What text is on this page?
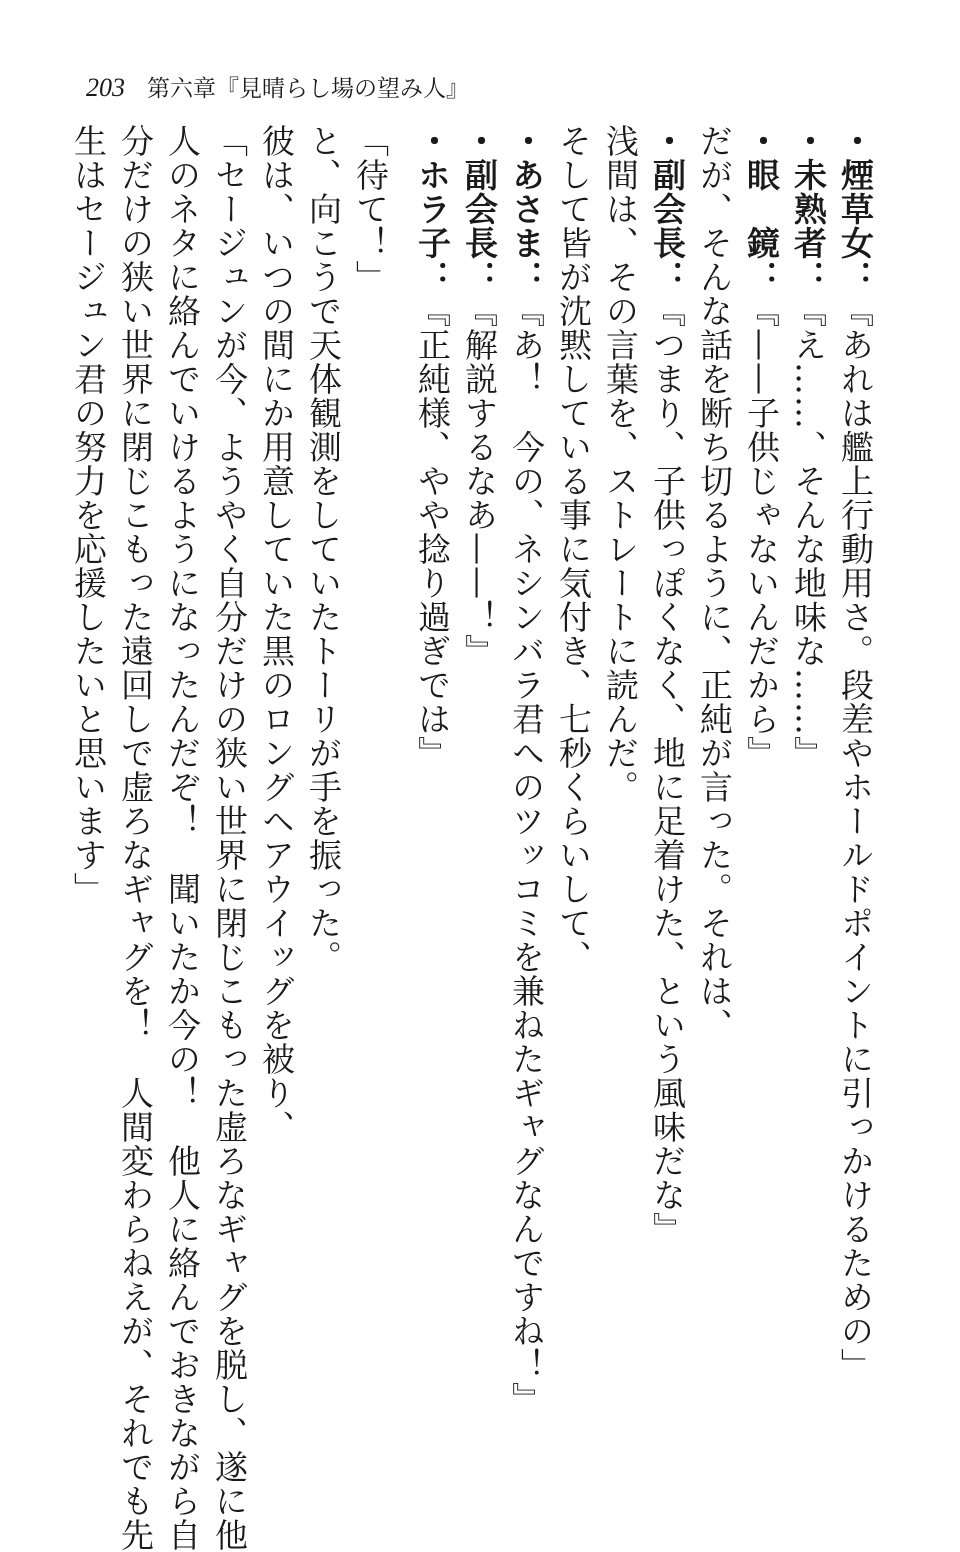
203 第六章『見晴らし場の望み人』
・煙草女：『あれは艦上行動用さ。段差やホールドポイントに引っかけるための」
・未熟者：『え……、そんな地味な……』
・眼　鏡：『——子供じゃないんだから』
だが、そんな話を断ち切るように、正純が言った。それは、
・副会長：『つまり、子供っぽくなく、地に足着けた、という風味だな』
浅間は、その言葉を、ストレートに読んだ。
そして皆が沈黙している事に気付き、七秒くらいして、
・あさま：『あ！　今の、ネシンバラ君へのツッコミを兼ねたギャグなんですね！』
・副会長：『解説するなあ——！』
・ホラ子：『正純様、やや捻り過ぎでは』
「待て！」
と、向こうで天体観測をしていたトーリが手を振った。
彼は、いつの間にか用意していた黒のロングヘアウイッグを被り、
「セージュンが今、ようやく自分だけの狭い世界に閉じこもった虚ろなギャグを脱し、遂に他
人のネタに絡んでいけるようになったんだぞ！　聞いたか今の！　他人に絡んでおきながら自
分だけの狭い世界に閉じこもった遠回しで虚ろなギャグを！　人間変わらねえが、それでも先
生はセージュン君の努力を応援したいと思います」
